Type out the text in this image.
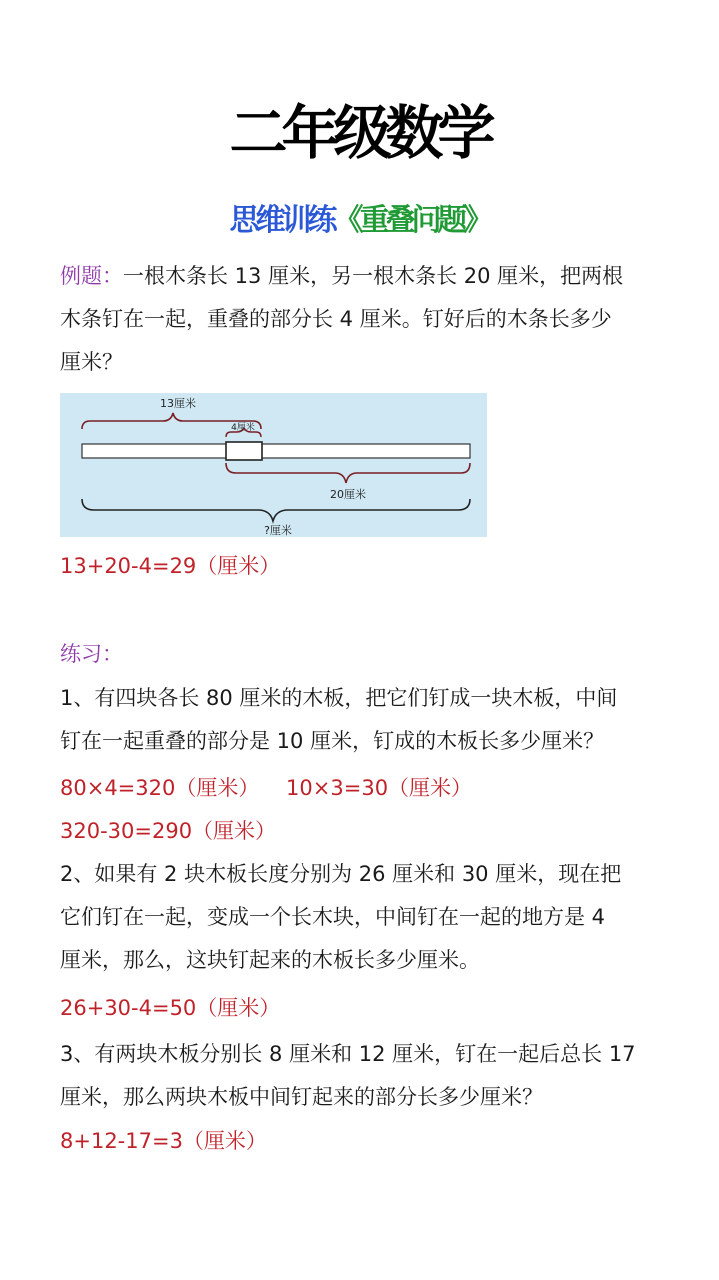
二年级数学
思维训练《重叠问题》
例题：一根木条长 13 厘米，另一根木条长 20 厘米，把两根
木条钉在一起，重叠的部分长 4 厘米。钉好后的木条长多少
厘米？
13厘米
4厘米
20厘米
?厘米
13+20-4=29（厘米）
练习：
1、有四块各长 80 厘米的木板，把它们钉成一块木板，中间
钉在一起重叠的部分是 10 厘米，钉成的木板长多少厘米？
80×4=320（厘米）    10×3=30（厘米）
320-30=290（厘米）
2、如果有 2 块木板长度分别为 26 厘米和 30 厘米，现在把
它们钉在一起，变成一个长木块，中间钉在一起的地方是 4
厘米，那么，这块钉起来的木板长多少厘米。
26+30-4=50（厘米）
3、有两块木板分别长 8 厘米和 12 厘米，钉在一起后总长 17
厘米，那么两块木板中间钉起来的部分长多少厘米？
8+12-17=3（厘米）
